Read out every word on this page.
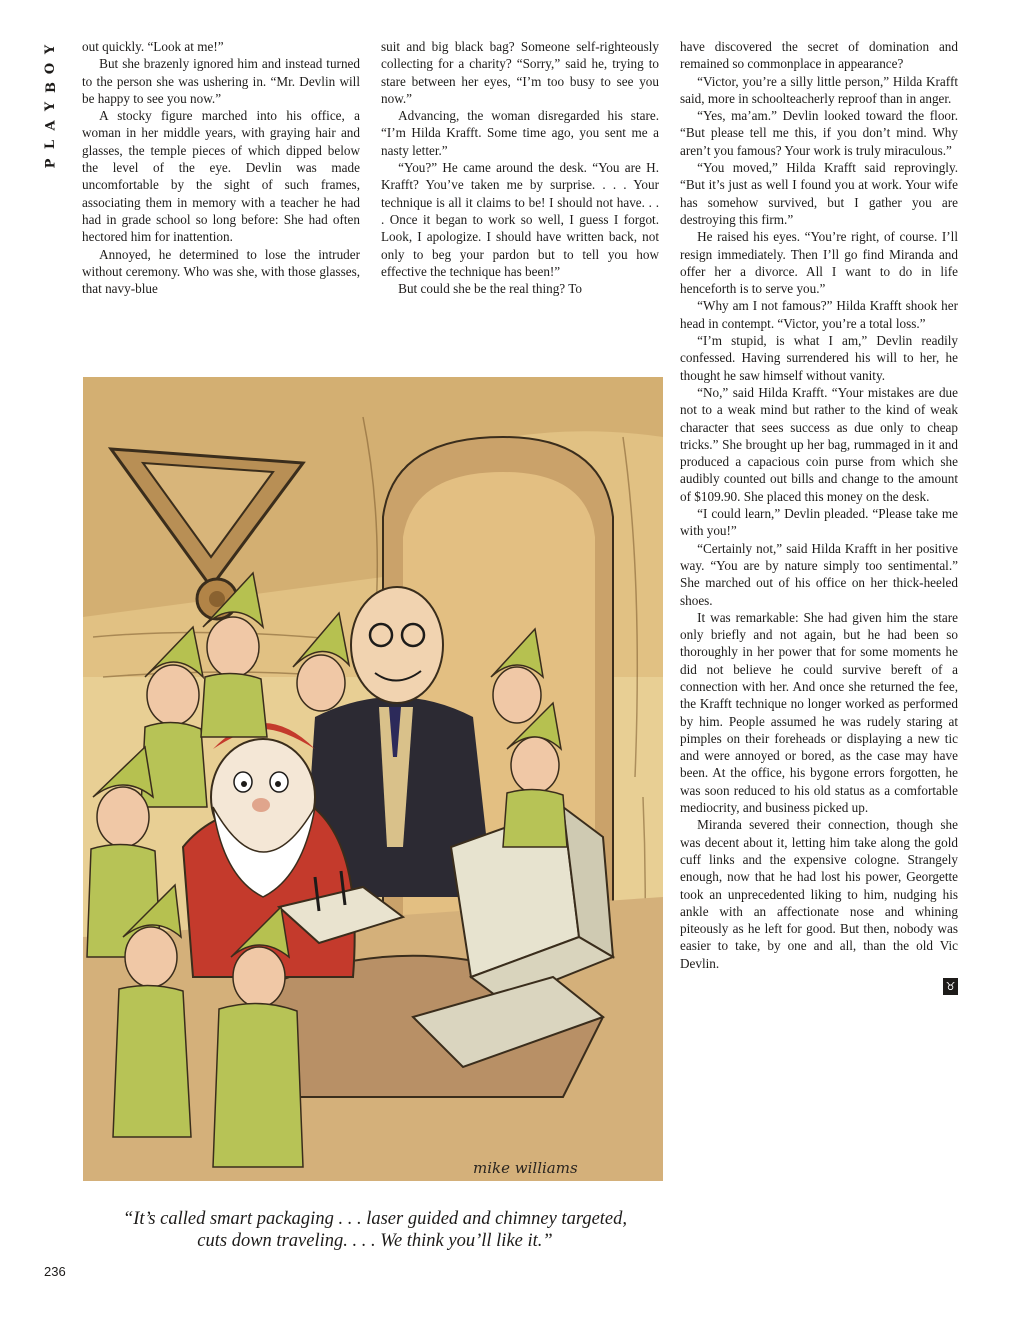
Y
O
B
Y
A
L
P

out quickly. “Look at me!”

But she brazenly ignored him and instead turned to the person she was ushering in. “Mr. Devlin will be happy to see you now.”

A stocky figure marched into his office, a woman in her middle years, with graying hair and glasses, the temple pieces of which dipped below the level of the eye. Devlin was made uncomfortable by the sight of such frames, associating them in memory with a teacher he had had in grade school so long before: She had often hectored him for inattention.

Annoyed, he determined to lose the intruder without ceremony. Who was she, with those glasses, that navy-blue

suit and big black bag? Someone self-righteously collecting for a charity? “Sorry,” said he, trying to stare between her eyes, “I’m too busy to see you now.”

Advancing, the woman disregarded his stare. “I’m Hilda Krafft. Some time ago, you sent me a nasty letter.”

“You?” He came around the desk. “You are H. Krafft? You’ve taken me by surprise. . . . Your technique is all it claims to be! I should not have. . . . Once it began to work so well, I guess I forgot. Look, I apologize. I should have written back, not only to beg your pardon but to tell you how effective the technique has been!”

But could she be the real thing? To

have discovered the secret of domination and remained so commonplace in appearance?

“Victor, you’re a silly little person,” Hilda Krafft said, more in schoolteacherly reproof than in anger.

“Yes, ma’am.” Devlin looked toward the floor. “But please tell me this, if you don’t mind. Why aren’t you famous? Your work is truly miraculous.”

“You moved,” Hilda Krafft said reprovingly. “But it’s just as well I found you at work. Your wife has somehow survived, but I gather you are destroying this firm.”

He raised his eyes. “You’re right, of course. I’ll resign immediately. Then I’ll go find Miranda and offer her a divorce. All I want to do in life henceforth is to serve you.”

“Why am I not famous?” Hilda Krafft shook her head in contempt. “Victor, you’re a total loss.”

“I’m stupid, is what I am,” Devlin readily confessed. Having surrendered his will to her, he thought he saw himself without vanity.

“No,” said Hilda Krafft. “Your mistakes are due not to a weak mind but rather to the kind of weak character that sees success as due only to cheap tricks.” She brought up her bag, rummaged in it and produced a capacious coin purse from which she audibly counted out bills and change to the amount of $109.90. She placed this money on the desk.

“I could learn,” Devlin pleaded. “Please take me with you!”

“Certainly not,” said Hilda Krafft in her positive way. “You are by nature simply too sentimental.” She marched out of his office on her thick-heeled shoes.

It was remarkable: She had given him the stare only briefly and not again, but he had been so thoroughly in her power that for some moments he did not believe he could survive bereft of a connection with her. And once she returned the fee, the Krafft technique no longer worked as performed by him. People assumed he was rudely staring at pimples on their foreheads or displaying a new tic and were annoyed or bored, as the case may have been. At the office, his bygone errors forgotten, he was soon reduced to his old status as a comfortable mediocrity, and business picked up.

Miranda severed their connection, though she was decent about it, letting him take along the gold cuff links and the expensive cologne. Strangely enough, now that he had lost his power, Georgette took an unprecedented liking to him, nudging his ankle with an affectionate nose and whining piteously as he left for good. But then, nobody was easier to take, by one and all, than the old Vic Devlin.

♉

mike williams
“It’s called smart packaging . . . laser guided and chimney targeted, cuts down traveling. . . . We think you’ll like it.”
236
